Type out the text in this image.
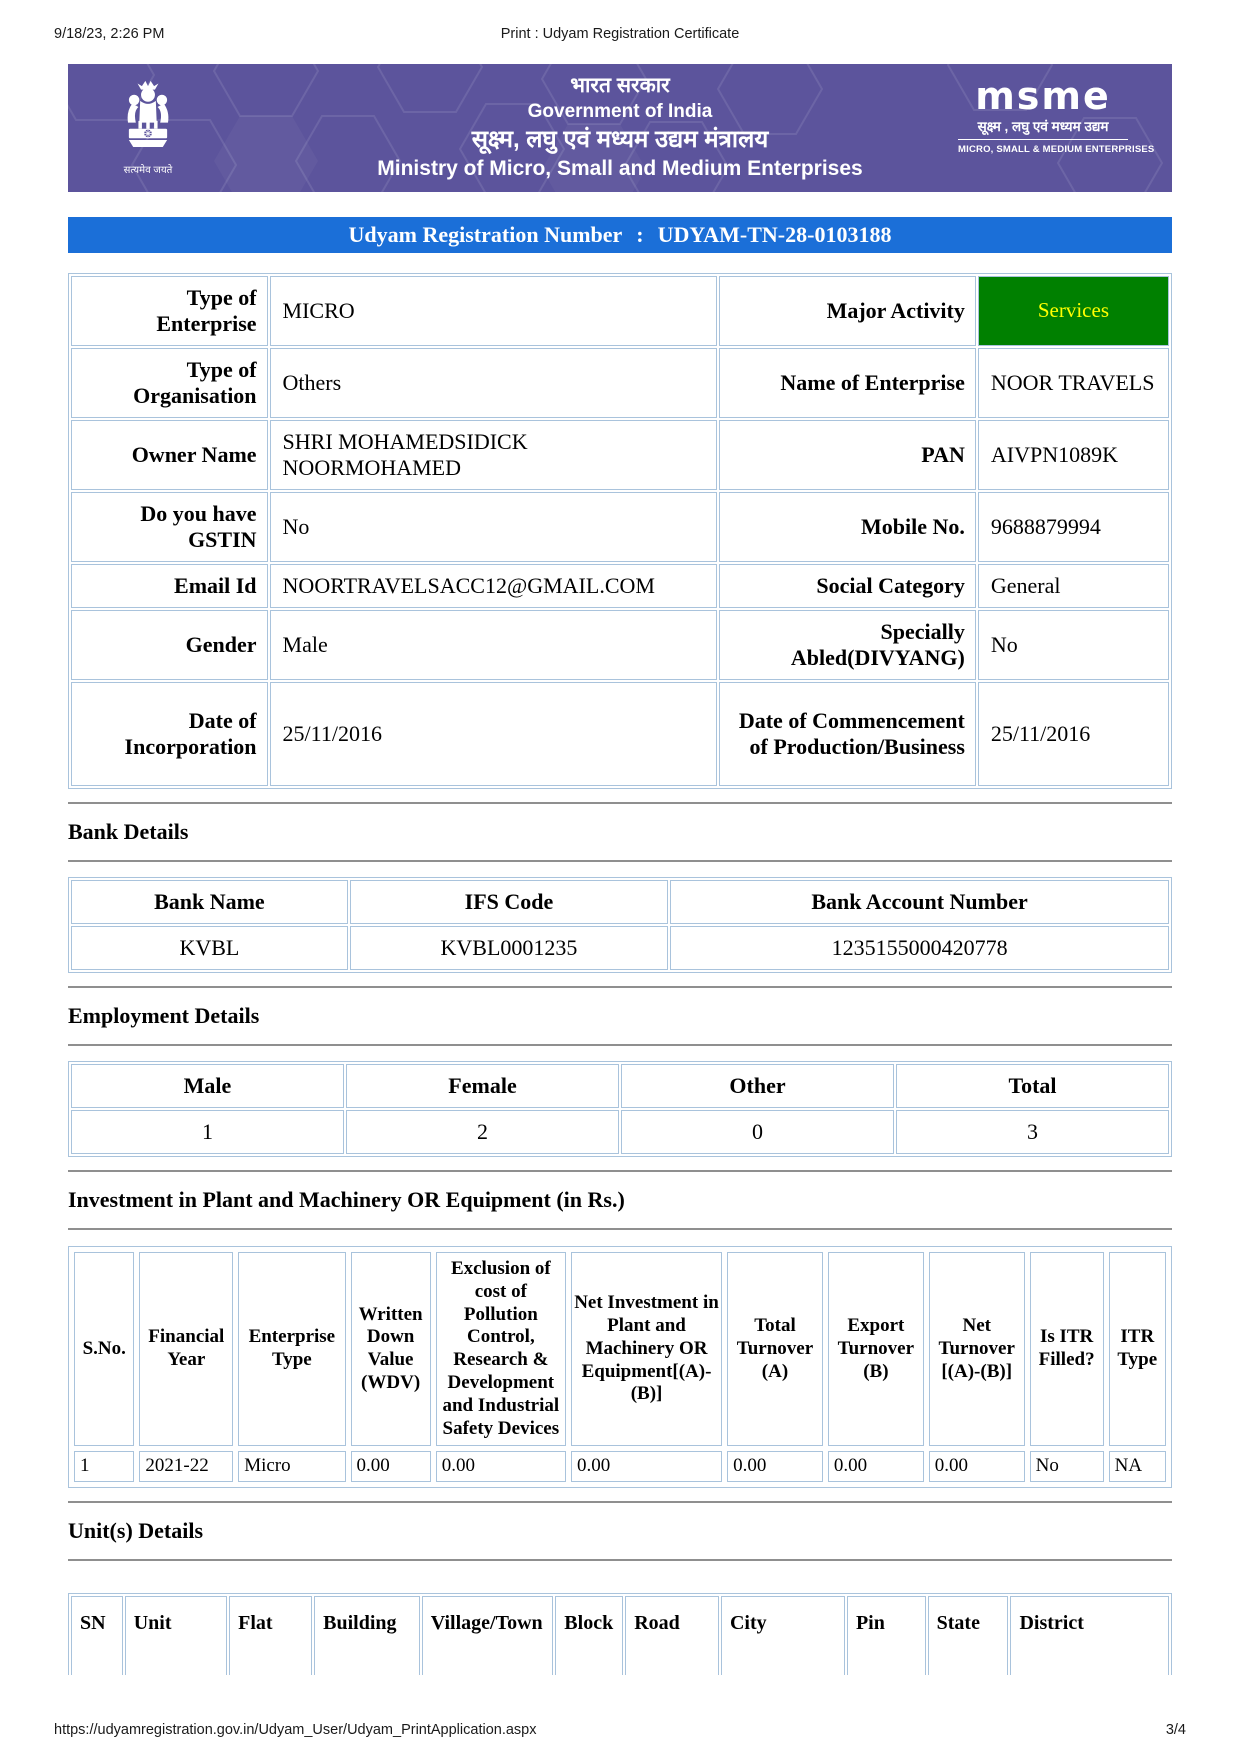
9/18/23, 2:26 PM	Print : Udyam Registration Certificate
सत्यमेव जयते
भारत सरकार
Government of India
सूक्ष्म, लघु एवं मध्यम उद्यम मंत्रालय
Ministry of Micro, Small and Medium Enterprises
msme
सूक्ष्म , लघु एवं मध्यम उद्यम
MICRO, SMALL & MEDIUM ENTERPRISES
Udyam Registration Number : UDYAM-TN-28-0103188
Type of Enterprise	MICRO	Major Activity	Services
Type of Organisation	Others	Name of Enterprise	NOOR TRAVELS
Owner Name	SHRI MOHAMEDSIDICK NOORMOHAMED	PAN	AIVPN1089K
Do you have GSTIN	No	Mobile No.	9688879994
Email Id	NOORTRAVELSACC12@GMAIL.COM	Social Category	General
Gender	Male	Specially Abled(DIVYANG)	No
Date of Incorporation	25/11/2016	Date of Commencement of Production/Business	25/11/2016
Bank Details
Bank Name	IFS Code	Bank Account Number
KVBL	KVBL0001235	1235155000420778
Employment Details
Male	Female	Other	Total
1	2	0	3
Investment in Plant and Machinery OR Equipment (in Rs.)
S.No.	Financial Year	Enterprise Type	Written Down Value (WDV)	Exclusion of cost of Pollution Control, Research & Development and Industrial Safety Devices	Net Investment in Plant and Machinery OR Equipment[(A)-(B)]	Total Turnover (A)	Export Turnover (B)	Net Turnover [(A)-(B)]	Is ITR Filled?	ITR Type
1	2021-22	Micro	0.00	0.00	0.00	0.00	0.00	0.00	No	NA
Unit(s) Details
SN	Unit	Flat	Building	Village/Town	Block	Road	City	Pin	State	District
https://udyamregistration.gov.in/Udyam_User/Udyam_PrintApplication.aspx	3/4
